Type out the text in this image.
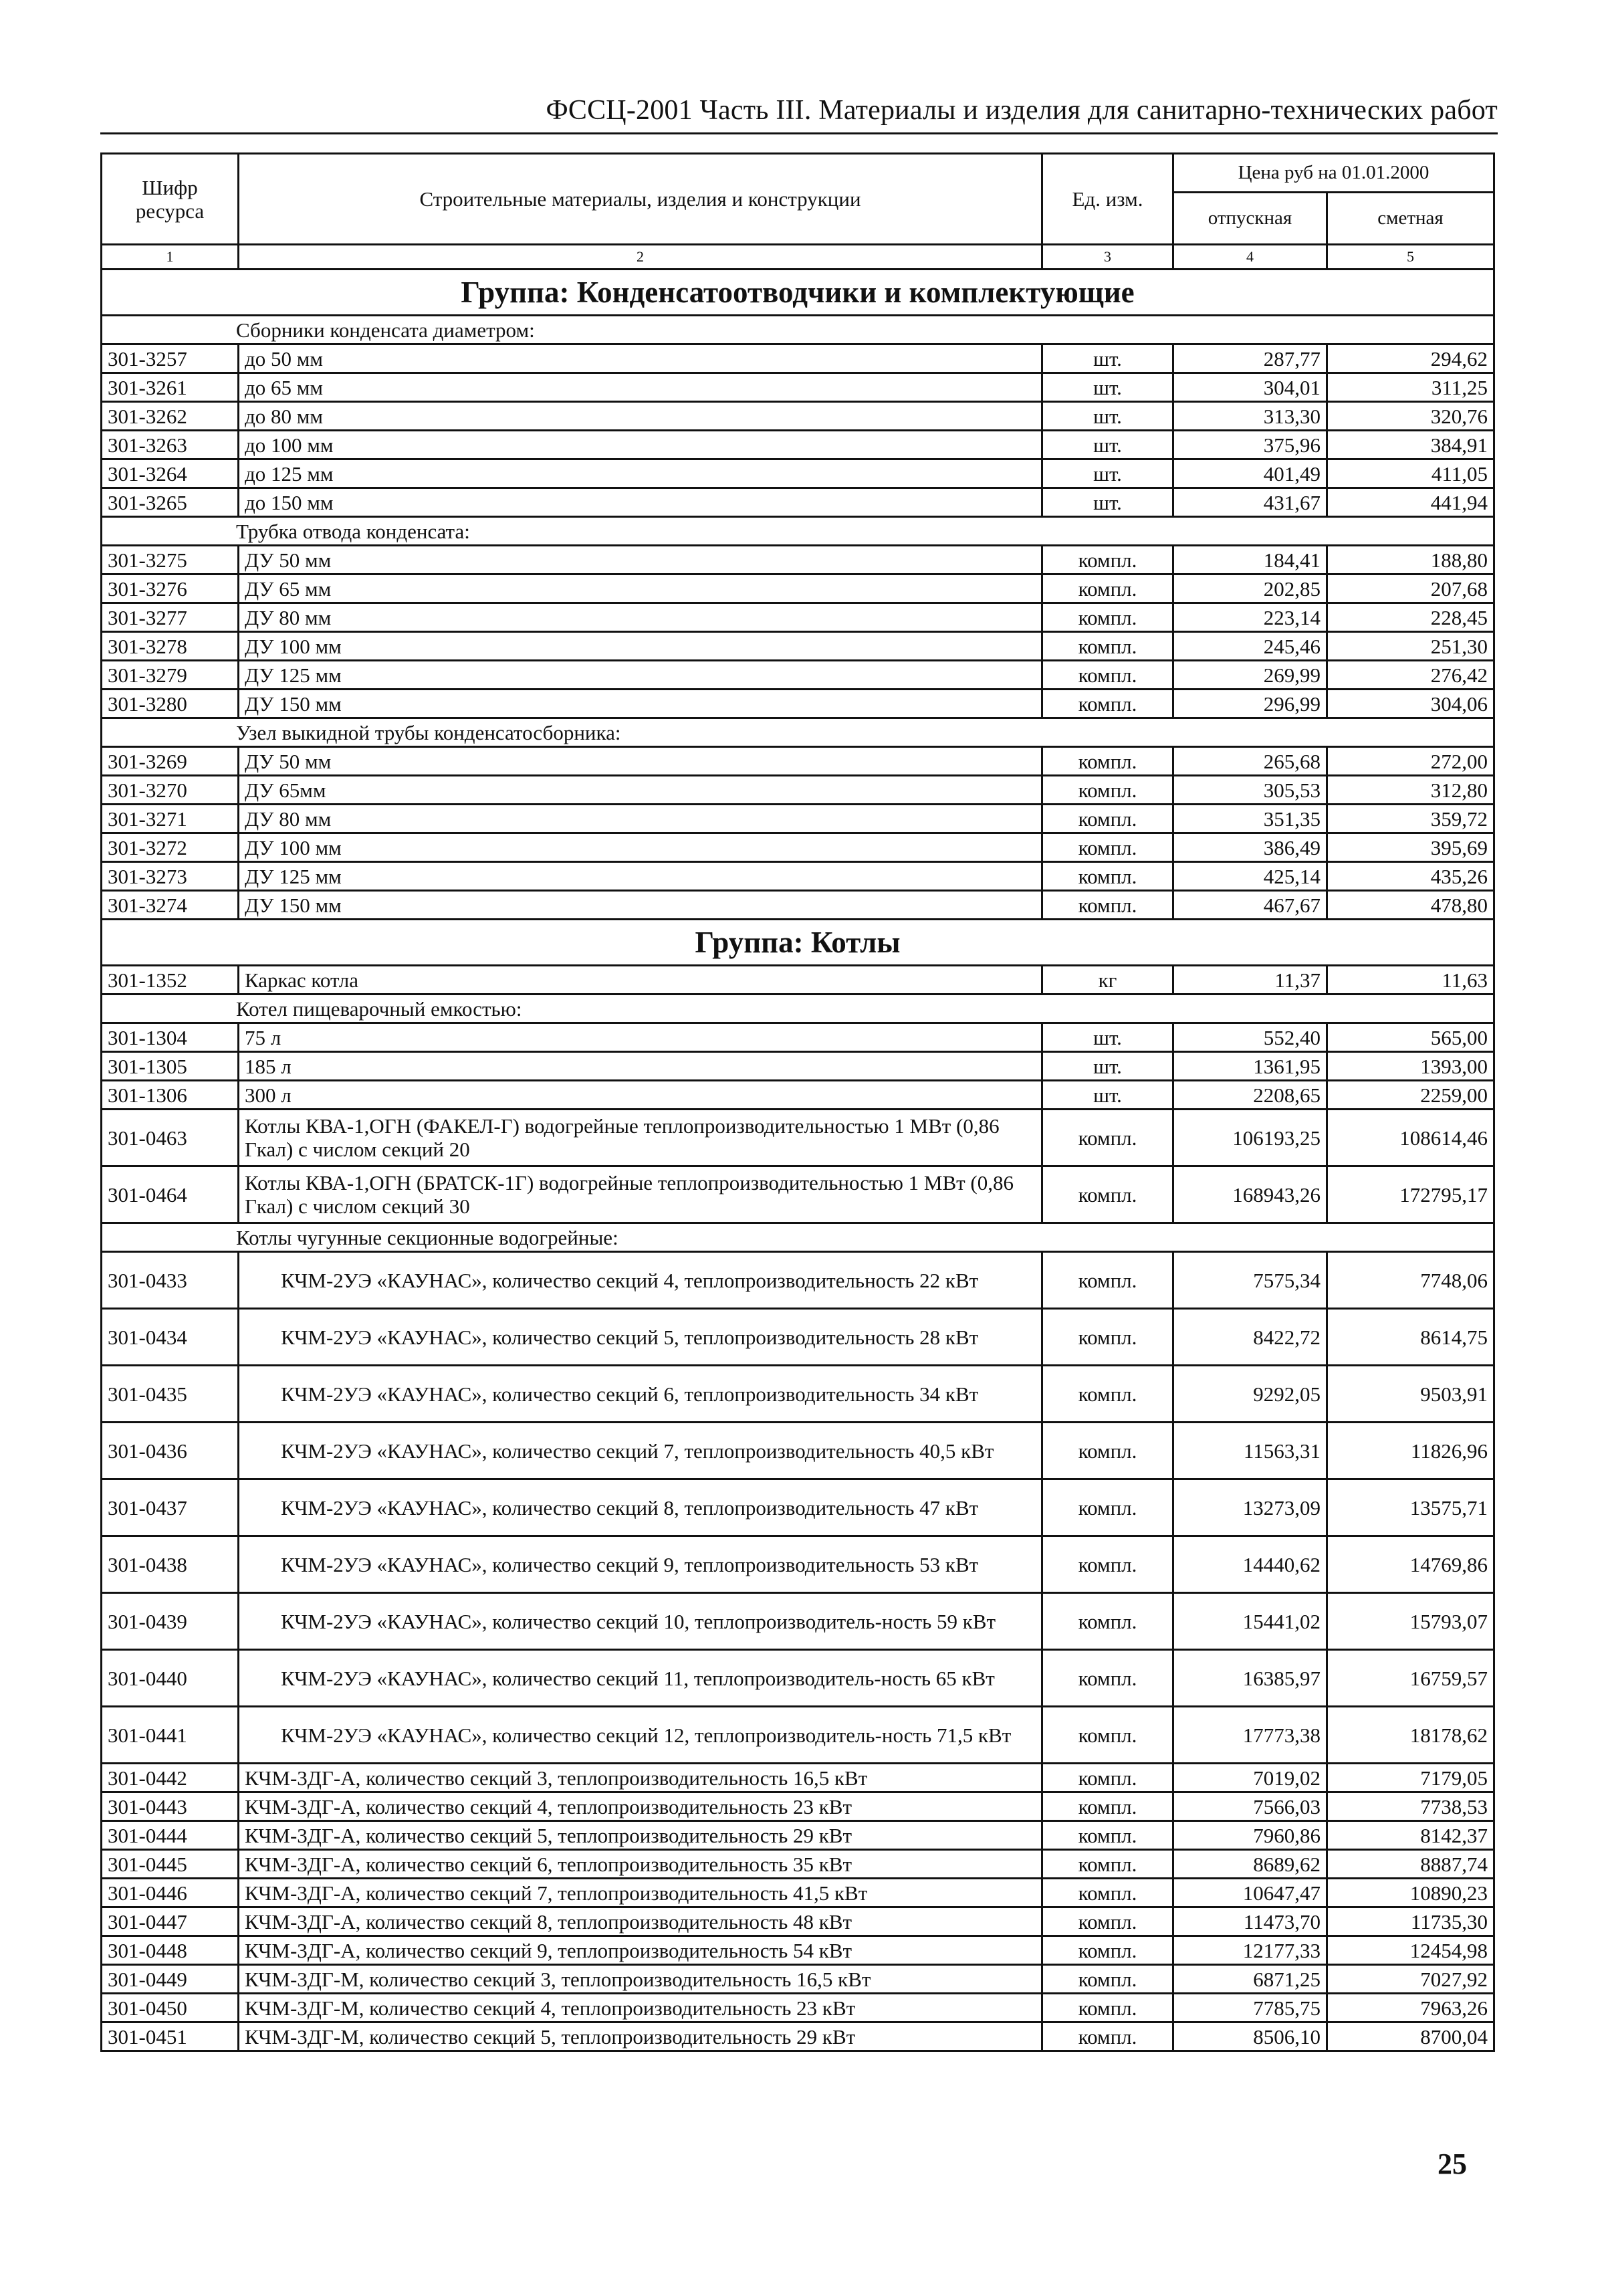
ФССЦ-2001 Часть III. Материалы и изделия для санитарно-технических работ
Шифр ресурса	Строительные материалы, изделия и конструкции	Ед. изм.	Цена руб на 01.01.2000	
			отпускная	сметная
1	2	3	4	5
Группа: Конденсатоотводчики и комплектующие				
Сборники конденсата диаметром:				
301-3257	до 50 мм	шт.	287,77	294,62
301-3261	до 65 мм	шт.	304,01	311,25
301-3262	до 80 мм	шт.	313,30	320,76
301-3263	до 100 мм	шт.	375,96	384,91
301-3264	до 125 мм	шт.	401,49	411,05
301-3265	до 150 мм	шт.	431,67	441,94
Трубка отвода конденсата:				
301-3275	ДУ 50 мм	компл.	184,41	188,80
301-3276	ДУ 65 мм	компл.	202,85	207,68
301-3277	ДУ 80 мм	компл.	223,14	228,45
301-3278	ДУ 100 мм	компл.	245,46	251,30
301-3279	ДУ 125 мм	компл.	269,99	276,42
301-3280	ДУ 150 мм	компл.	296,99	304,06
Узел выкидной трубы конденсатосборника:				
301-3269	ДУ 50 мм	компл.	265,68	272,00
301-3270	ДУ 65мм	компл.	305,53	312,80
301-3271	ДУ 80 мм	компл.	351,35	359,72
301-3272	ДУ 100 мм	компл.	386,49	395,69
301-3273	ДУ 125 мм	компл.	425,14	435,26
301-3274	ДУ 150 мм	компл.	467,67	478,80
Группа: Котлы				
301-1352	Каркас котла	кг	11,37	11,63
Котел пищеварочный емкостью:				
301-1304	75 л	шт.	552,40	565,00
301-1305	185 л	шт.	1361,95	1393,00
301-1306	300 л	шт.	2208,65	2259,00
301-0463	Котлы КВА-1,ОГН (ФАКЕЛ-Г) водогрейные теплопроизводительностью 1 МВт (0,86 Гкал) с числом секций 20	компл.	106193,25	108614,46
301-0464	Котлы КВА-1,ОГН (БРАТСК-1Г) водогрейные теплопроизводительностью 1 МВт (0,86 Гкал) с числом секций 30	компл.	168943,26	172795,17
Котлы чугунные секционные водогрейные:				
301-0433	КЧМ-2УЭ «КАУНАС», количество секций 4, теплопроизводительность 22 кВт	компл.	7575,34	7748,06
301-0434	КЧМ-2УЭ «КАУНАС», количество секций 5, теплопроизводительность 28 кВт	компл.	8422,72	8614,75
301-0435	КЧМ-2УЭ «КАУНАС», количество секций 6, теплопроизводительность 34 кВт	компл.	9292,05	9503,91
301-0436	КЧМ-2УЭ «КАУНАС», количество секций 7, теплопроизводительность 40,5 кВт	компл.	11563,31	11826,96
301-0437	КЧМ-2УЭ «КАУНАС», количество секций 8, теплопроизводительность 47 кВт	компл.	13273,09	13575,71
301-0438	КЧМ-2УЭ «КАУНАС», количество секций 9, теплопроизводительность 53 кВт	компл.	14440,62	14769,86
301-0439	КЧМ-2УЭ «КАУНАС», количество секций 10, теплопроизводитель-ность 59 кВт	компл.	15441,02	15793,07
301-0440	КЧМ-2УЭ «КАУНАС», количество секций 11, теплопроизводитель-ность 65 кВт	компл.	16385,97	16759,57
301-0441	КЧМ-2УЭ «КАУНАС», количество секций 12, теплопроизводитель-ность 71,5 кВт	компл.	17773,38	18178,62
301-0442	КЧМ-3ДГ-А, количество секций 3, теплопроизводительность 16,5 кВт	компл.	7019,02	7179,05
301-0443	КЧМ-3ДГ-А, количество секций 4, теплопроизводительность 23 кВт	компл.	7566,03	7738,53
301-0444	КЧМ-3ДГ-А, количество секций 5, теплопроизводительность 29 кВт	компл.	7960,86	8142,37
301-0445	КЧМ-3ДГ-А, количество секций 6, теплопроизводительность 35 кВт	компл.	8689,62	8887,74
301-0446	КЧМ-3ДГ-А, количество секций 7, теплопроизводительность 41,5 кВт	компл.	10647,47	10890,23
301-0447	КЧМ-3ДГ-А, количество секций 8, теплопроизводительность 48 кВт	компл.	11473,70	11735,30
301-0448	КЧМ-3ДГ-А, количество секций 9, теплопроизводительность 54 кВт	компл.	12177,33	12454,98
301-0449	КЧМ-3ДГ-М, количество секций 3, теплопроизводительность 16,5 кВт	компл.	6871,25	7027,92
301-0450	КЧМ-3ДГ-М, количество секций 4, теплопроизводительность 23 кВт	компл.	7785,75	7963,26
301-0451	КЧМ-3ДГ-М, количество секций 5, теплопроизводительность 29 кВт	компл.	8506,10	8700,04
25
